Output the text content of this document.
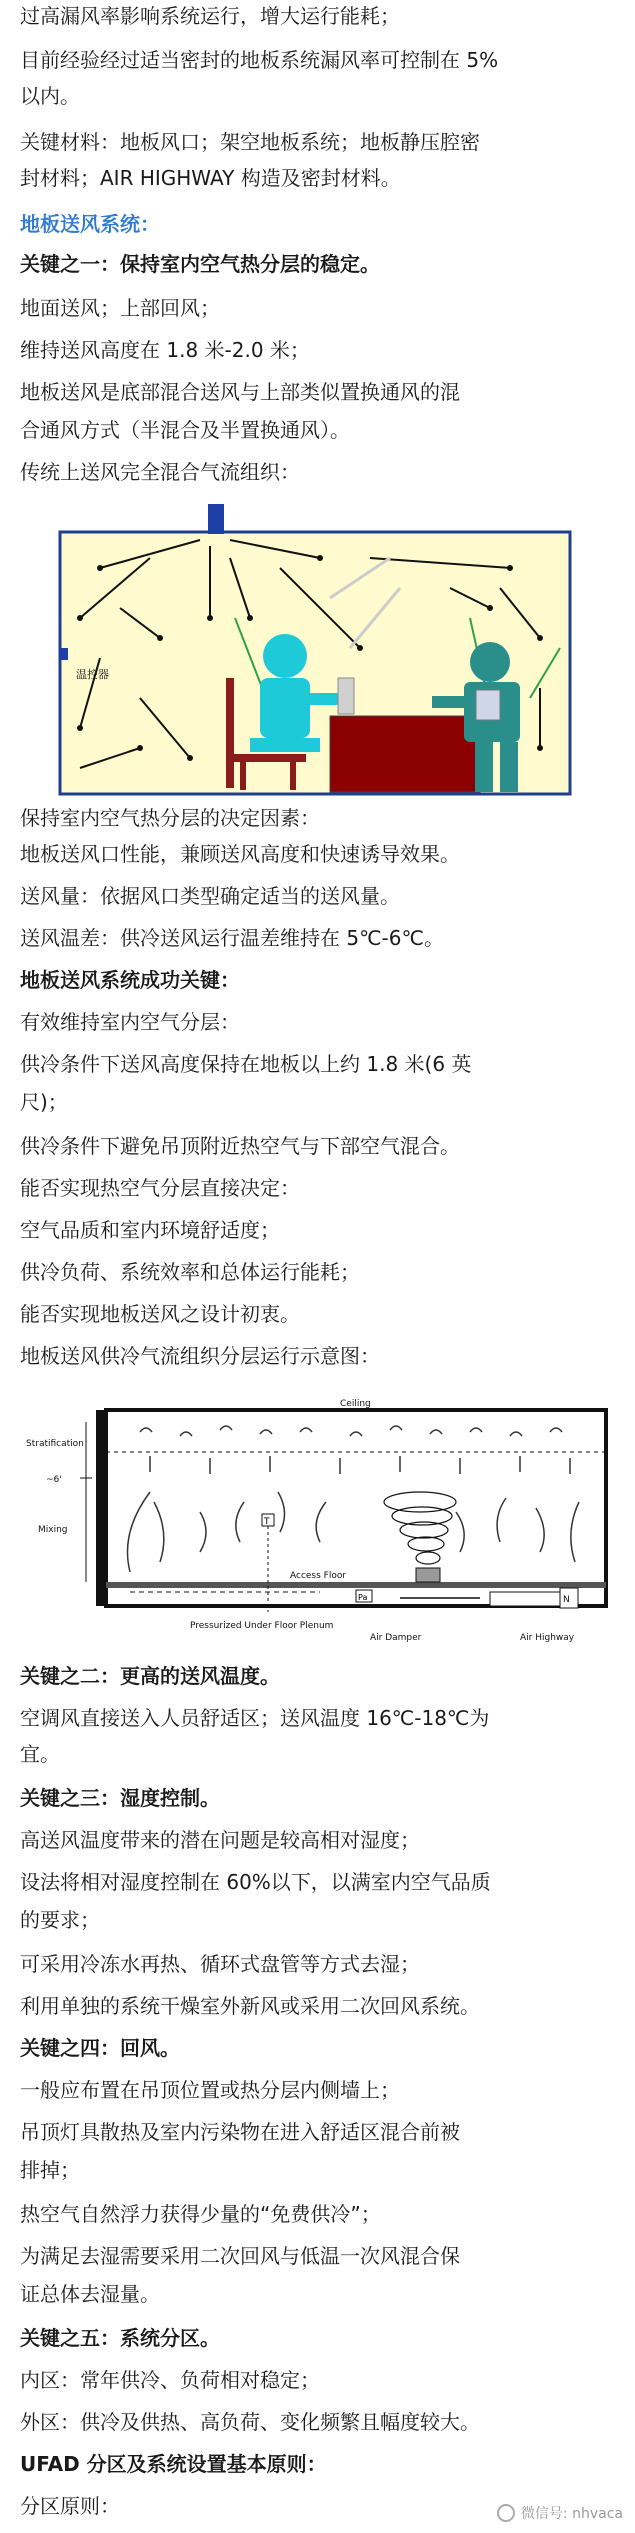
过高漏风率影响系统运行，增大运行能耗；
目前经验经过适当密封的地板系统漏风率可控制在 5%
以内。
关键材料：地板风口；架空地板系统；地板静压腔密
封材料；AIR HIGHWAY 构造及密封材料。
地板送风系统：
关键之一：保持室内空气热分层的稳定。
地面送风；上部回风；
维持送风高度在 1.8 米-2.0 米；
地板送风是底部混合送风与上部类似置换通风的混
合通风方式（半混合及半置换通风）。
传统上送风完全混合气流组织：
温控器
保持室内空气热分层的决定因素：
地板送风口性能，兼顾送风高度和快速诱导效果。
送风量：依据风口类型确定适当的送风量。
送风温差：供冷送风运行温差维持在 5℃-6℃。
地板送风系统成功关键：
有效维持室内空气分层：
供冷条件下送风高度保持在地板以上约 1.8 米(6 英
尺)；
供冷条件下避免吊顶附近热空气与下部空气混合。
能否实现热空气分层直接决定：
空气品质和室内环境舒适度；
供冷负荷、系统效率和总体运行能耗；
能否实现地板送风之设计初衷。
地板送风供冷气流组织分层运行示意图：
Stratification
~6'
Mixing
Ceiling
Access Floor
Pressurized Under Floor Plenum
Air Damper	Air Highway
T
Pa	N
关键之二：更高的送风温度。
空调风直接送入人员舒适区；送风温度 16℃-18℃为
宜。
关键之三：湿度控制。
高送风温度带来的潜在问题是较高相对湿度；
设法将相对湿度控制在 60%以下，以满室内空气品质
的要求；
可采用冷冻水再热、循环式盘管等方式去湿；
利用单独的系统干燥室外新风或采用二次回风系统。
关键之四：回风。
一般应布置在吊顶位置或热分层内侧墙上；
吊顶灯具散热及室内污染物在进入舒适区混合前被
排掉；
热空气自然浮力获得少量的“免费供冷”；
为满足去湿需要采用二次回风与低温一次风混合保
证总体去湿量。
关键之五：系统分区。
内区：常年供冷、负荷相对稳定；
外区：供冷及供热、高负荷、变化频繁且幅度较大。
UFAD 分区及系统设置基本原则：
分区原则：	微信号: nhvaca
